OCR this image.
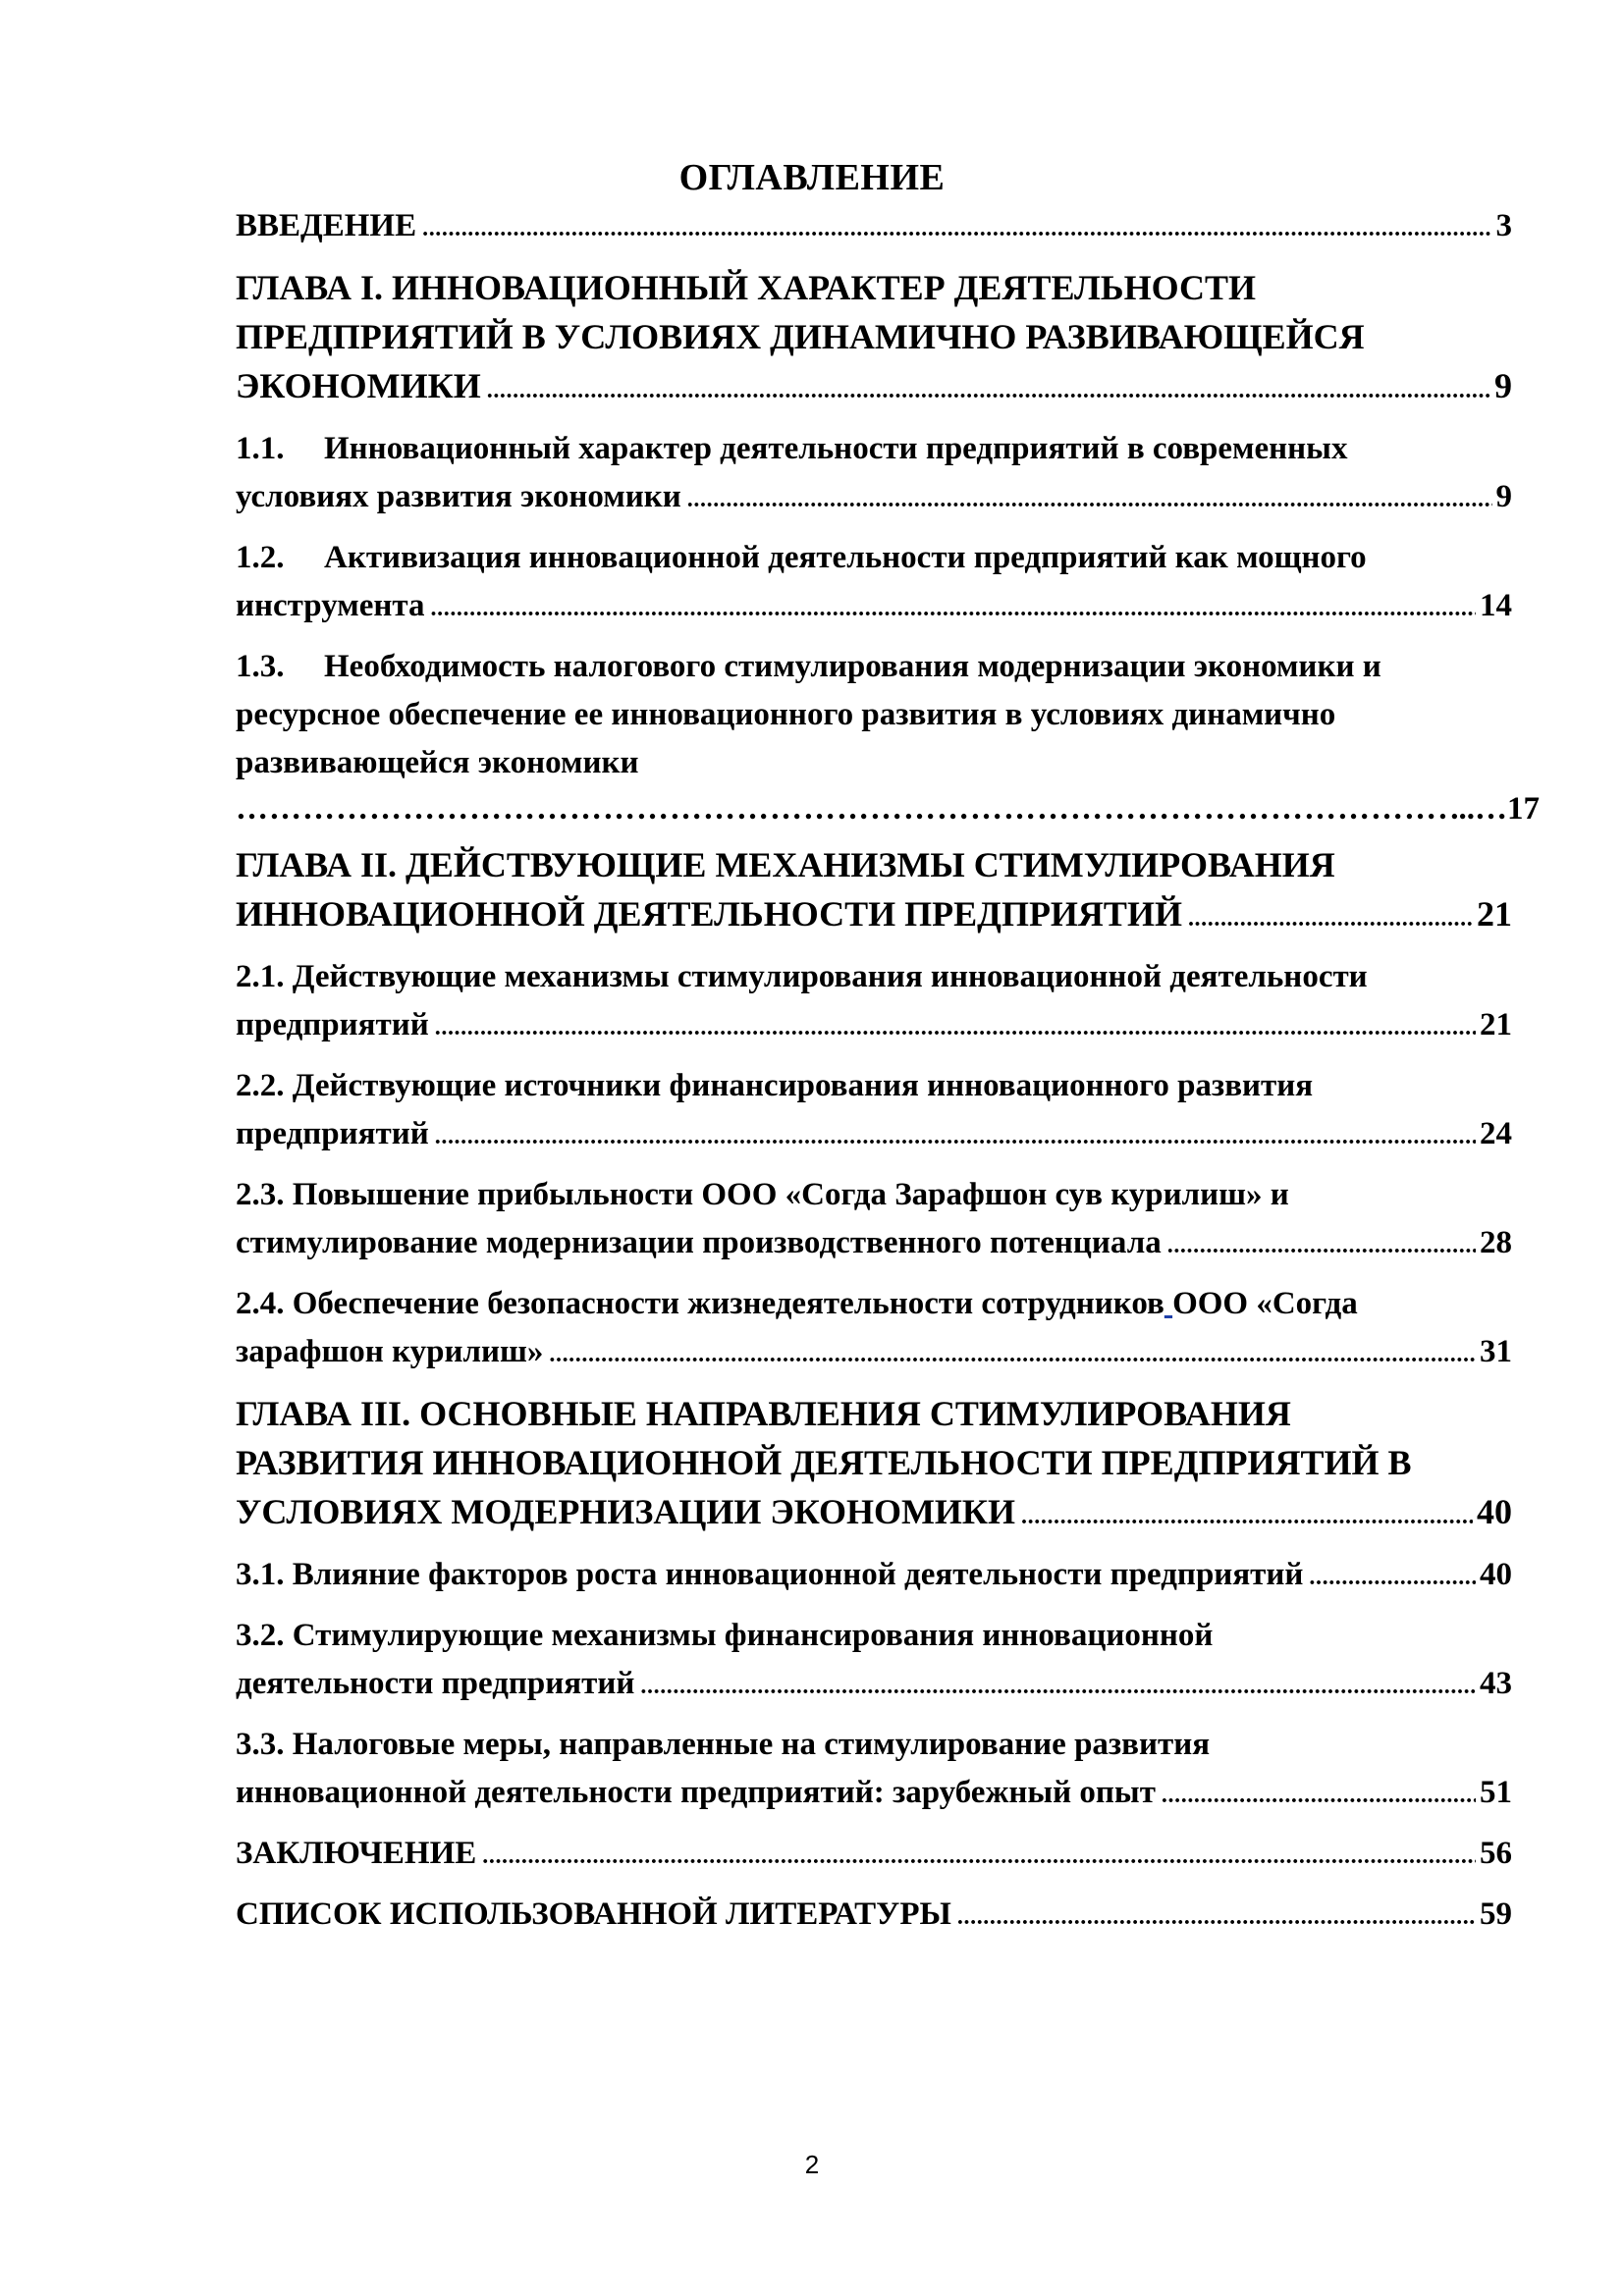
ОГЛАВЛЕНИЕ
ВВЕДЕНИЕ .....	3
ГЛАВА I. ИННОВАЦИОННЫЙ ХАРАКТЕР ДЕЯТЕЛЬНОСТИ
ПРЕДПРИЯТИЙ В УСЛОВИЯХ ДИНАМИЧНО РАЗВИВАЮЩЕЙСЯ
ЭКОНОМИКИ .....	9
1.1. Инновационный характер деятельности предприятий в современных
условиях развития экономики .....	9
1.2. Активизация инновационной деятельности предприятий как мощного
инструмента .....	14
1.3. Необходимость налогового стимулирования модернизации экономики и
ресурсное обеспечение ее инновационного развития в условиях динамично
развивающейся экономики
……………………………………………………………………………………………………………………………………………………………………………………………
...… 17
ГЛАВА II. ДЕЙСТВУЮЩИЕ МЕХАНИЗМЫ СТИМУЛИРОВАНИЯ
ИННОВАЦИОННОЙ ДЕЯТЕЛЬНОСТИ ПРЕДПРИЯТИЙ .....	21
2.1. Действующие механизмы стимулирования инновационной деятельности
предприятий .....	21
2.2. Действующие источники финансирования инновационного развития
предприятий .....	24
2.3. Повышение прибыльности ООО «Согда Зарафшон сув курилиш» и
стимулирование модернизации производственного потенциала .....	28
2.4. Обеспечение безопасности жизнедеятельности сотрудников ООО «Согда
зарафшон курилиш» .....	31
ГЛАВА III. ОСНОВНЫЕ НАПРАВЛЕНИЯ СТИМУЛИРОВАНИЯ
РАЗВИТИЯ ИННОВАЦИОННОЙ ДЕЯТЕЛЬНОСТИ ПРЕДПРИЯТИЙ В
УСЛОВИЯХ МОДЕРНИЗАЦИИ ЭКОНОМИКИ .....	40
3.1. Влияние факторов роста инновационной деятельности предприятий .....	40
3.2. Стимулирующие механизмы финансирования инновационной
деятельности предприятий .....	43
3.3. Налоговые меры, направленные на стимулирование развития
инновационной деятельности предприятий: зарубежный опыт .....	51
ЗАКЛЮЧЕНИЕ .....	56
СПИСОК ИСПОЛЬЗОВАННОЙ ЛИТЕРАТУРЫ .....	59
2
